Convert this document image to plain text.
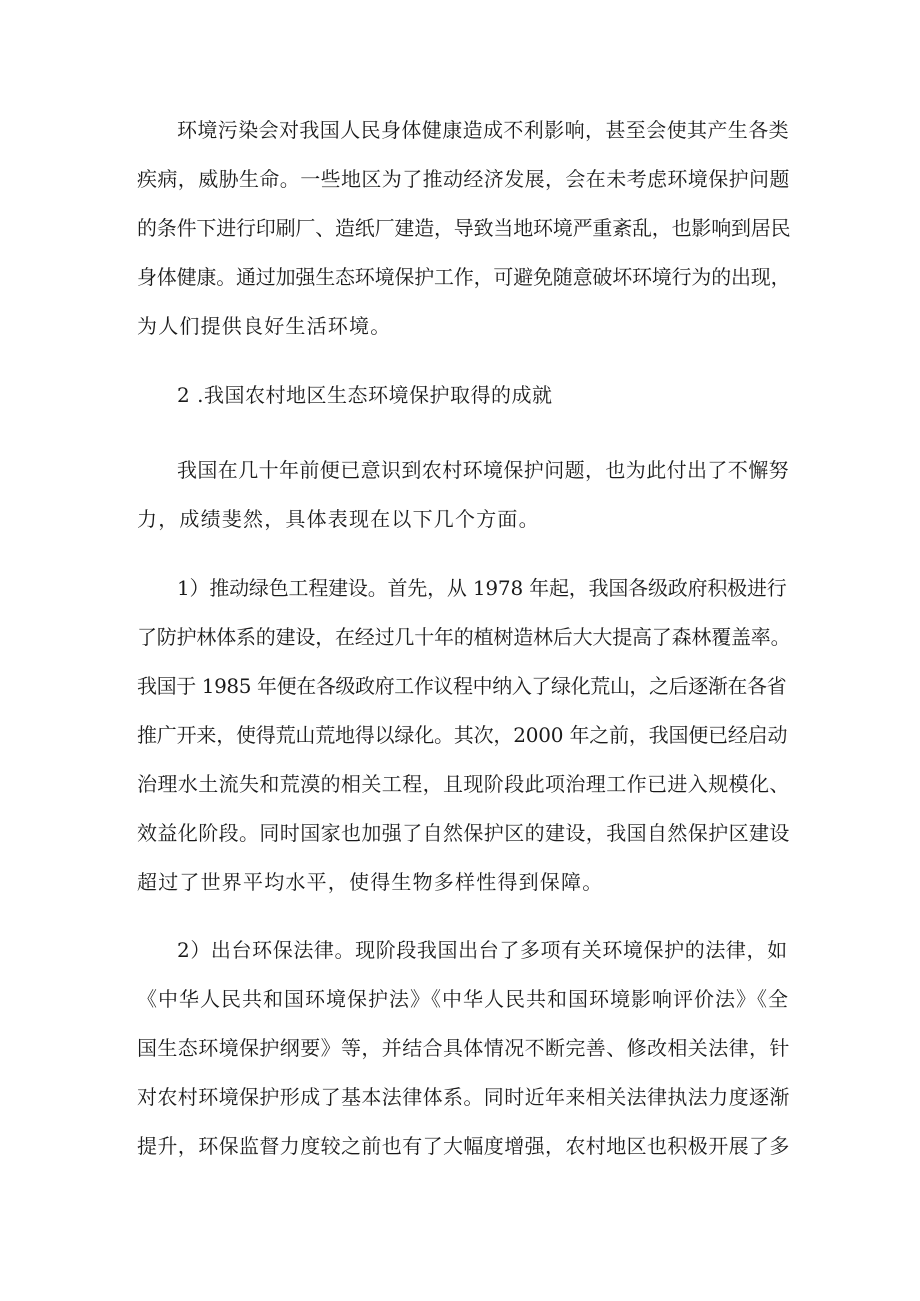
环境污染会对我国人民身体健康造成不利影响，甚至会使其产生各类
疾病，威胁生命。一些地区为了推动经济发展，会在未考虑环境保护问题
的条件下进行印刷厂、造纸厂建造，导致当地环境严重紊乱，也影响到居民
身体健康。通过加强生态环境保护工作，可避免随意破坏环境行为的出现，
为人们提供良好生活环境。
2 .我国农村地区生态环境保护取得的成就
我国在几十年前便已意识到农村环境保护问题，也为此付出了不懈努
力，成绩斐然，具体表现在以下几个方面。
1）推动绿色工程建设。首先，从 1978 年起，我国各级政府积极进行
了防护林体系的建设，在经过几十年的植树造林后大大提高了森林覆盖率。
我国于 1985 年便在各级政府工作议程中纳入了绿化荒山，之后逐渐在各省
推广开来，使得荒山荒地得以绿化。其次，2000 年之前，我国便已经启动
治理水土流失和荒漠的相关工程，且现阶段此项治理工作已进入规模化、
效益化阶段。同时国家也加强了自然保护区的建设，我国自然保护区建设
超过了世界平均水平，使得生物多样性得到保障。
2）出台环保法律。现阶段我国出台了多项有关环境保护的法律，如
《中华人民共和国环境保护法》《中华人民共和国环境影响评价法》《全
国生态环境保护纲要》等，并结合具体情况不断完善、修改相关法律，针
对农村环境保护形成了基本法律体系。同时近年来相关法律执法力度逐渐
提升，环保监督力度较之前也有了大幅度增强，农村地区也积极开展了多
